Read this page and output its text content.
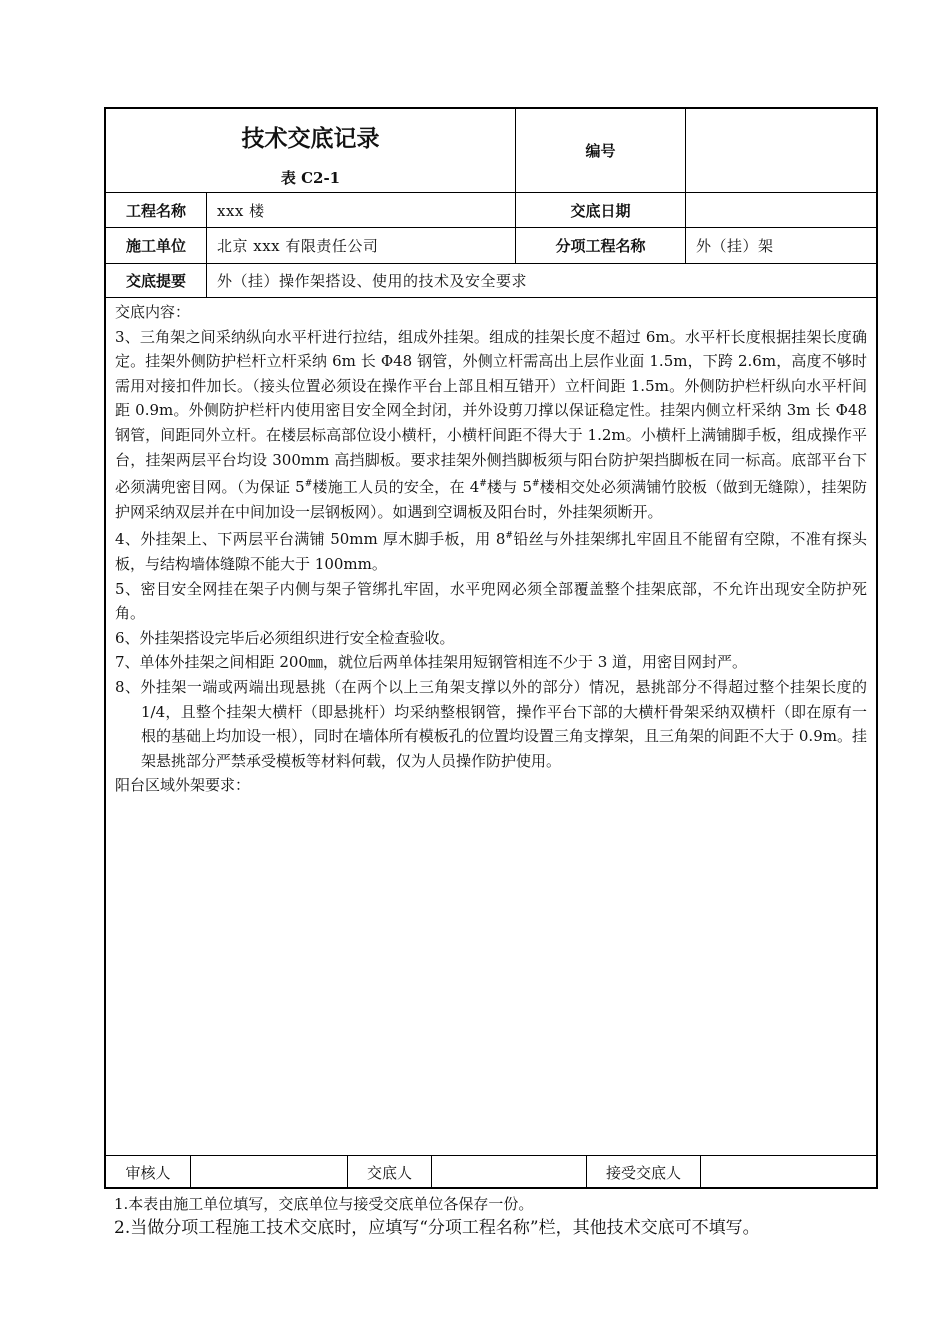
技术交底记录
表 C2-1
编号
工程名称 xxx 楼	交底日期
施工单位 北京 xxx 有限责任公司	分项工程名称	外（挂）架
交底提要 外（挂）操作架搭设、使用的技术及安全要求

交底内容：

3、三角架之间采纳纵向水平杆进行拉结，组成外挂架。组成的挂架长度不超过 6m。水平杆长度根据挂架长度确定。挂架外侧防护栏杆立杆采纳 6m 长 Φ48 钢管，外侧立杆需高出上层作业面 1.5m，下跨 2.6m，高度不够时需用对接扣件加长。（接头位置必须设在操作平台上部且相互错开）立杆间距 1.5m。外侧防护栏杆纵向水平杆间距 0.9m。外侧防护栏杆内使用密目安全网全封闭，并外设剪刀撑以保证稳定性。挂架内侧立杆采纳 3m 长 Φ48 钢管，间距同外立杆。在楼层标高部位设小横杆，小横杆间距不得大于 1.2m。小横杆上满铺脚手板，组成操作平台，挂架两层平台均设 300mm 高挡脚板。要求挂架外侧挡脚板须与阳台防护架挡脚板在同一标高。底部平台下必须满兜密目网。（为保证 5#楼施工人员的安全，在 4#楼与 5#楼相交处必须满铺竹胶板（做到无缝隙），挂架防护网采纳双层并在中间加设一层钢板网）。如遇到空调板及阳台时，外挂架须断开。

4、外挂架上、下两层平台满铺 50mm 厚木脚手板，用 8#铅丝与外挂架绑扎牢固且不能留有空隙，不准有探头板，与结构墙体缝隙不能大于 100mm。

5、密目安全网挂在架子内侧与架子管绑扎牢固，水平兜网必须全部覆盖整个挂架底部，不允许出现安全防护死角。

6、外挂架搭设完毕后必须组织进行安全检查验收。

7、单体外挂架之间相距 200㎜，就位后两单体挂架用短钢管相连不少于 3 道，用密目网封严。

8、外挂架一端或两端出现悬挑（在两个以上三角架支撑以外的部分）情况，悬挑部分不得超过整个挂架长度的 1/4，且整个挂架大横杆（即悬挑杆）均采纳整根钢管，操作平台下部的大横杆骨架采纳双横杆（即在原有一根的基础上均加设一根），同时在墙体所有模板孔的位置均设置三角支撑架，且三角架的间距不大于 0.9m。挂架悬挑部分严禁承受模板等材料何载，仅为人员操作防护使用。

阳台区域外架要求：

审核人	交底人	接受交底人
1.本表由施工单位填写，交底单位与接受交底单位各保存一份。
2.当做分项工程施工技术交底时，应填写“分项工程名称”栏，其他技术交底可不填写。
